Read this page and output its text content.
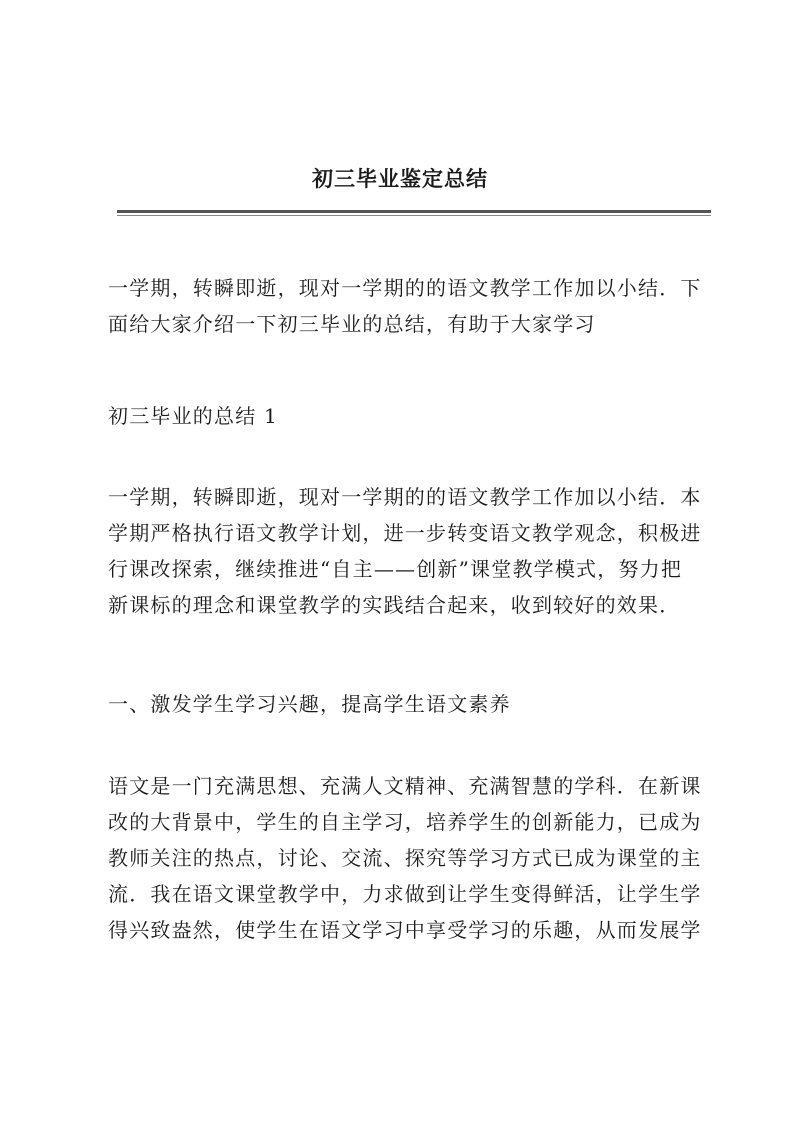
初三毕业鉴定总结

一学期，转瞬即逝，现对一学期的的语文教学工作加以小结．下
面给大家介绍一下初三毕业的总结，有助于大家学习

初三毕业的总结 1

一学期，转瞬即逝，现对一学期的的语文教学工作加以小结．本
学期严格执行语文教学计划，进一步转变语文教学观念，积极进
行课改探索，继续推进“自主——创新”课堂教学模式，努力把
新课标的理念和课堂教学的实践结合起来，收到较好的效果．

一、激发学生学习兴趣，提高学生语文素养

语文是一门充满思想、充满人文精神、充满智慧的学科．在新课
改的大背景中，学生的自主学习，培养学生的创新能力，已成为
教师关注的热点，讨论、交流、探究等学习方式已成为课堂的主
流．我在语文课堂教学中，力求做到让学生变得鲜活，让学生学
得兴致盎然，使学生在语文学习中享受学习的乐趣，从而发展学
